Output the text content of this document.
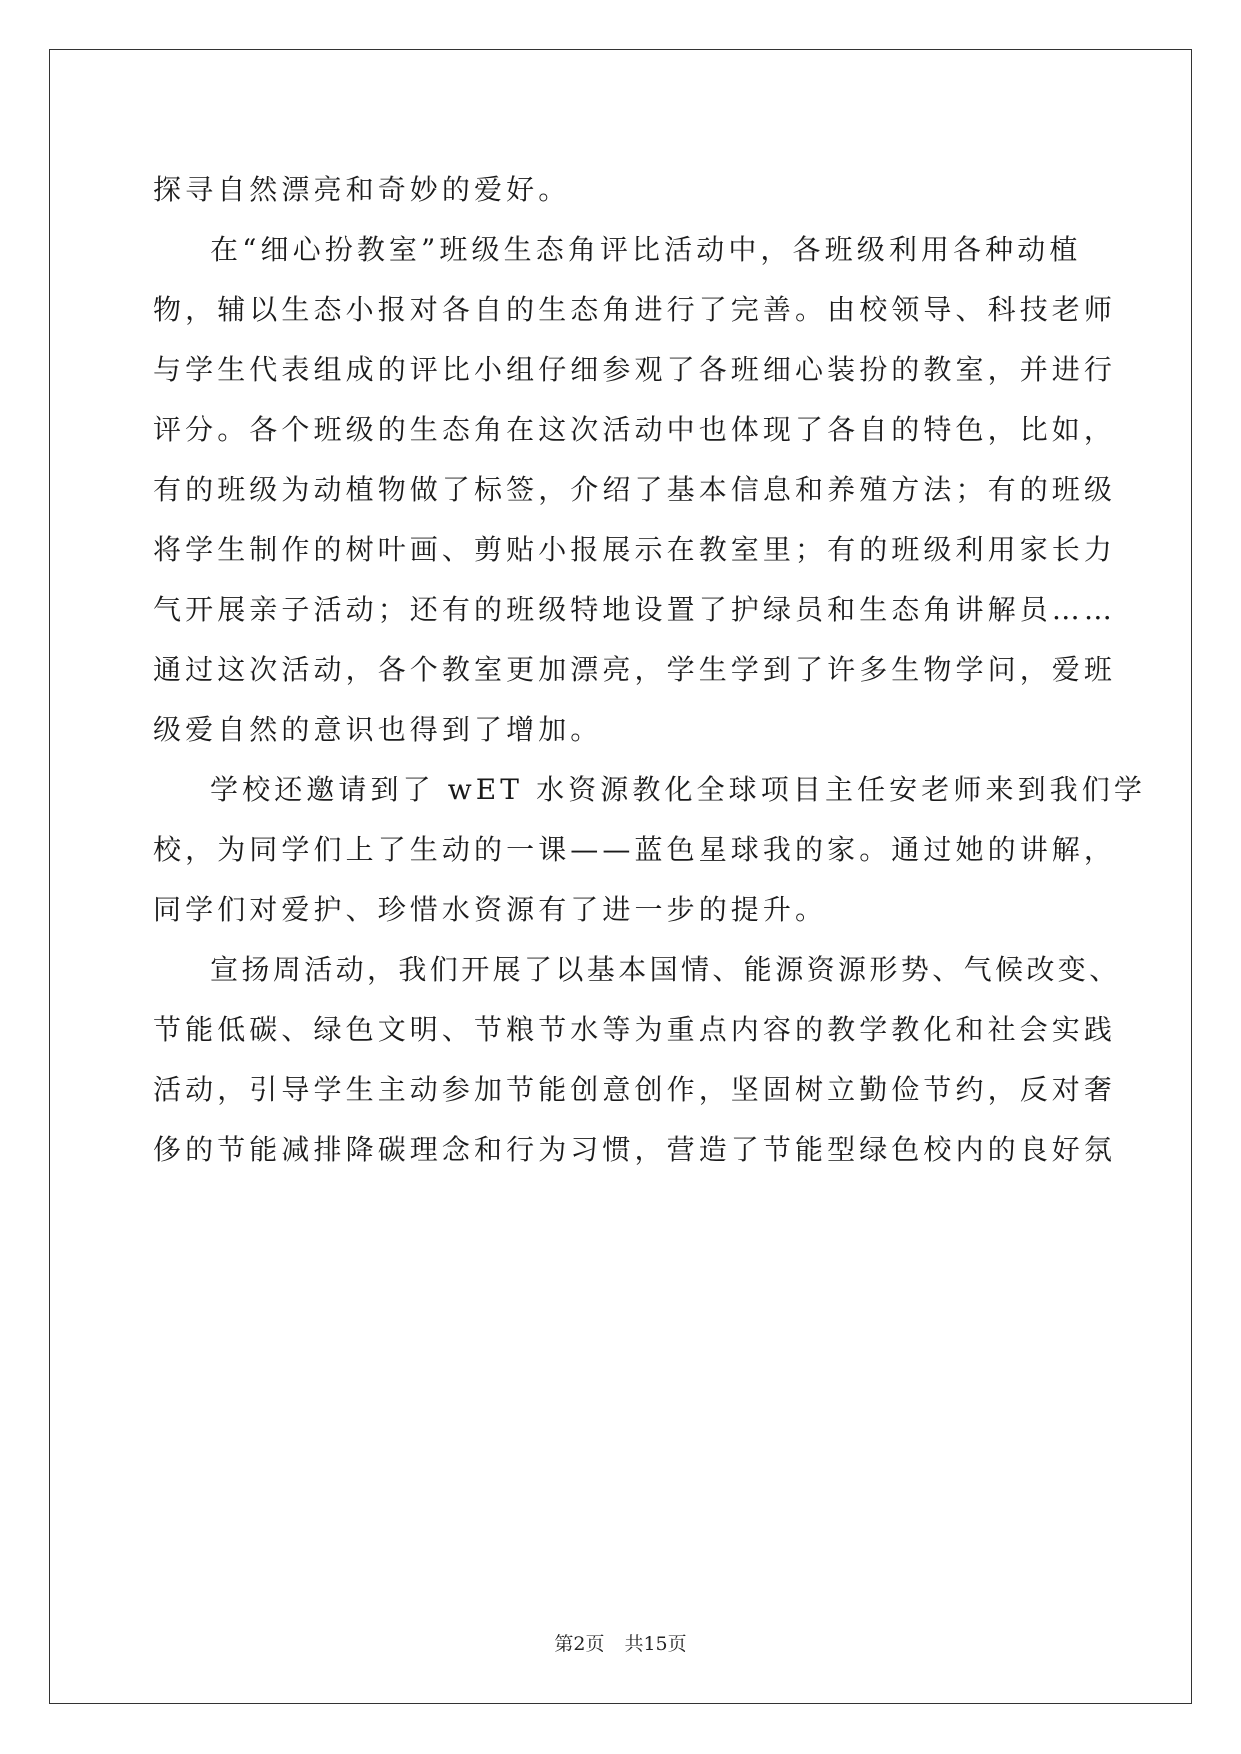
探寻自然漂亮和奇妙的爱好。
在“细心扮教室”班级生态角评比活动中，各班级利用各种动植
物，辅以生态小报对各自的生态角进行了完善。由校领导、科技老师
与学生代表组成的评比小组仔细参观了各班细心装扮的教室，并进行
评分。各个班级的生态角在这次活动中也体现了各自的特色，比如，
有的班级为动植物做了标签，介绍了基本信息和养殖方法；有的班级
将学生制作的树叶画、剪贴小报展示在教室里；有的班级利用家长力
气开展亲子活动；还有的班级特地设置了护绿员和生态角讲解员……
通过这次活动，各个教室更加漂亮，学生学到了许多生物学问，爱班
级爱自然的意识也得到了增加。
学校还邀请到了 wET 水资源教化全球项目主任安老师来到我们学
校，为同学们上了生动的一课——蓝色星球我的家。通过她的讲解，
同学们对爱护、珍惜水资源有了进一步的提升。
宣扬周活动，我们开展了以基本国情、能源资源形势、气候改变、
节能低碳、绿色文明、节粮节水等为重点内容的教学教化和社会实践
活动，引导学生主动参加节能创意创作，坚固树立勤俭节约，反对奢
侈的节能减排降碳理念和行为习惯，营造了节能型绿色校内的良好氛
第2页 共15页
